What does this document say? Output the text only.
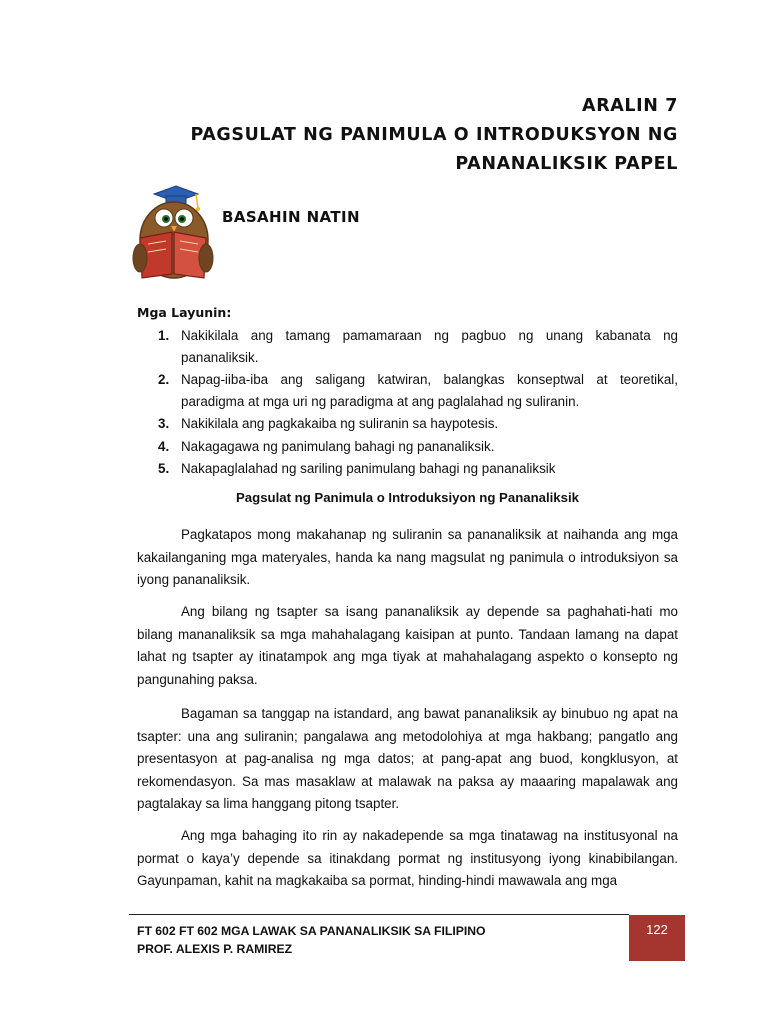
ARALIN 7
PAGSULAT NG PANIMULA O INTRODUKSYON NG
PANANALIKSIK PAPEL
BASAHIN NATIN
Mga Layunin:
1. Nakikilala ang tamang pamamaraan ng pagbuo ng unang kabanata ng pananaliksik.
2. Napag-iiba-iba ang saligang katwiran, balangkas konseptwal at teoretikal, paradigma at mga uri ng paradigma at ang paglalahad ng suliranin.
3. Nakikilala ang pagkakaiba ng suliranin sa haypotesis.
4. Nakagagawa ng panimulang bahagi ng pananaliksik.
5. Nakapaglalahad ng sariling panimulang bahagi ng pananaliksik
Pagsulat ng Panimula o Introduksiyon ng Pananaliksik

Pagkatapos mong makahanap ng suliranin sa pananaliksik at naihanda ang mga kakailanganing mga materyales, handa ka nang magsulat ng panimula o introduksiyon sa iyong pananaliksik.

Ang bilang ng tsapter sa isang pananaliksik ay depende sa paghahati-hati mo bilang mananaliksik sa mga mahahalagang kaisipan at punto. Tandaan lamang na dapat lahat ng tsapter ay itinatampok ang mga tiyak at mahahalagang aspekto o konsepto ng pangunahing paksa.

Bagaman sa tanggap na istandard, ang bawat pananaliksik ay binubuo ng apat na tsapter: una ang suliranin; pangalawa ang metodolohiya at mga hakbang; pangatlo ang presentasyon at pag-analisa ng mga datos; at pang-apat ang buod, kongklusyon, at rekomendasyon. Sa mas masaklaw at malawak na paksa ay maaaring mapalawak ang pagtalakay sa lima hanggang pitong tsapter.

Ang mga bahaging ito rin ay nakadepende sa mga tinatawag na institusyonal na pormat o kaya’y depende sa itinakdang pormat ng institusyong iyong kinabibilangan. Gayunpaman, kahit na magkakaiba sa pormat, hinding-hindi mawawala ang mga

FT 602 FT 602 MGA LAWAK SA PANANALIKSIK SA FILIPINO
PROF. ALEXIS P. RAMIREZ
122
